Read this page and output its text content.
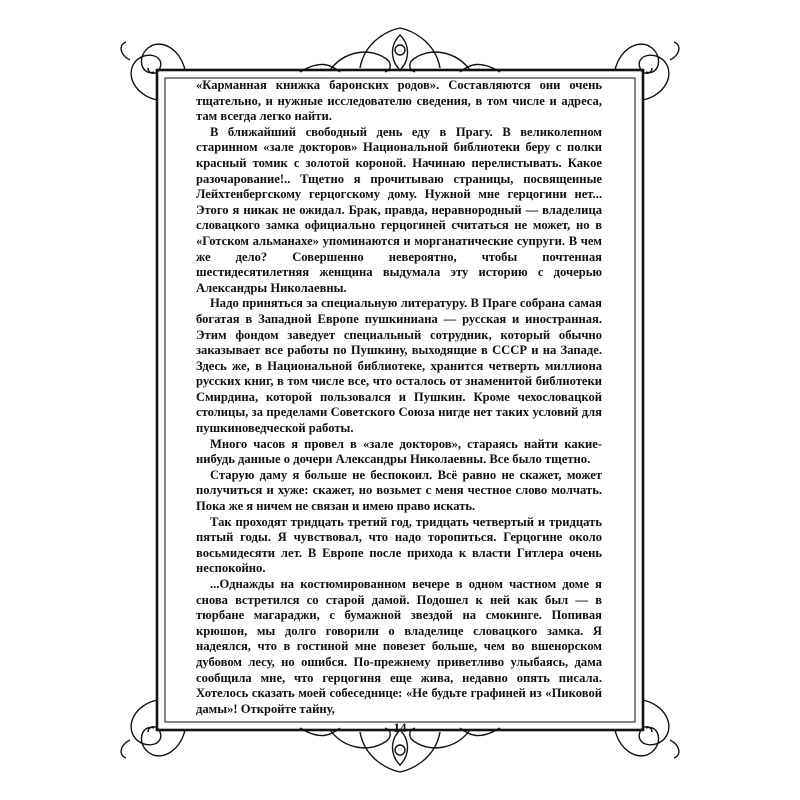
«Карманная книжка баронских родов». Составляются они очень тщательно, и нужные исследователю сведения, в том числе и адреса, там всегда легко найти.

В ближайший свободный день еду в Прагу. В великолепном старинном «зале докторов» Национальной библиотеки беру с полки красный томик с золотой короной. Начинаю перелистывать. Какое разочарование!.. Тщетно я прочитываю страницы, посвященные Лейхтенбергскому герцогскому дому. Нужной мне герцогини нет... Этого я никак не ожидал. Брак, правда, неравнородный — владелица словацкого замка официально герцогиней считаться не может, но в «Готском альманахе» упоминаются и морганатические супруги. В чем же дело? Совершенно невероятно, чтобы почтенная шестидесятилетняя женщина выдумала эту историю с дочерью Александры Николаевны.

Надо приняться за специальную литературу. В Праге собрана самая богатая в Западной Европе пушкиниана — русская и иностранная. Этим фондом заведует специальный сотрудник, который обычно заказывает все работы по Пушкину, выходящие в СССР и на Западе. Здесь же, в Национальной библиотеке, хранится четверть миллиона русских книг, в том числе все, что осталось от знаменитой библиотеки Смирдина, которой пользовался и Пушкин. Кроме чехословацкой столицы, за пределами Советского Союза нигде нет таких условий для пушкиноведческой работы.

Много часов я провел в «зале докторов», стараясь найти какие-нибудь данные о дочери Александры Николаевны. Все было тщетно.

Старую даму я больше не беспокоил. Всё равно не скажет, может получиться и хуже: скажет, но возьмет с меня честное слово молчать. Пока же я ничем не связан и имею право искать.

Так проходят тридцать третий год, тридцать четвертый и тридцать пятый годы. Я чувствовал, что надо торопиться. Герцогине около восьмидесяти лет. В Европе после прихода к власти Гитлера очень неспокойно.

...Однажды на костюмированном вечере в одном частном доме я снова встретился со старой дамой. Подошел к ней как был — в тюрбане магараджи, с бумажной звездой на смокинге. Попивая крюшон, мы долго говорили о владелице словацкого замка. Я надеялся, что в гостиной мне повезет больше, чем во вшенорском дубовом лесу, но ошибся. По-прежнему приветливо улыбаясь, дама сообщила мне, что герцогиня еще жива, недавно опять писала. Хотелось сказать моей собеседнице: «Не будьте графиней из «Пиковой дамы»! Откройте тайну,

14
